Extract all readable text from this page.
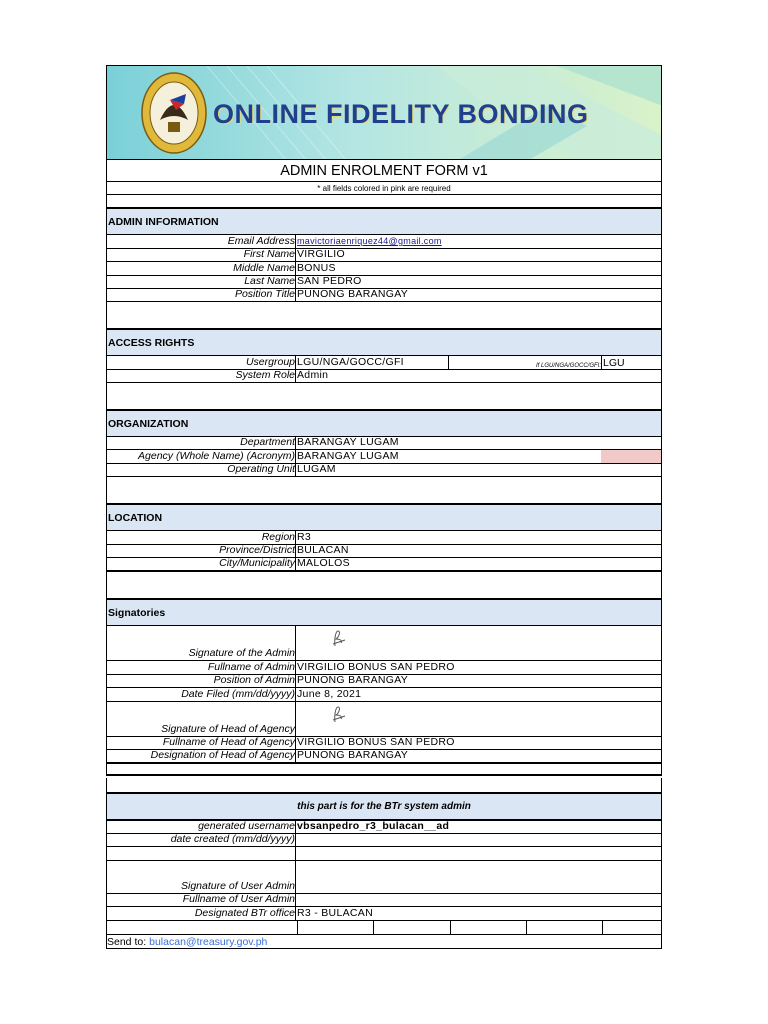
ONLINE FIDELITY BONDING
ADMIN ENROLMENT FORM v1
* all fields colored in pink are required
ADMIN INFORMATION
Email Address mavictoriaenriquez44@gmail.com
First Name VIRGILIO
Middle Name BONUS
Last Name SAN PEDRO
Position Title PUNONG BARANGAY
ACCESS RIGHTS
Usergroup LGU/NGA/GOCC/GFI	If LGU/NGA/GOCC/GFI: LGU
System Role Admin
ORGANIZATION
Department BARANGAY LUGAM
Agency (Whole Name) (Acronym) BARANGAY LUGAM
Operating Unit LUGAM
LOCATION
Region R3
Province/District BULACAN
City/Municipality MALOLOS
Signatories
Signature of the Admin
Fullname of Admin VIRGILIO BONUS SAN PEDRO
Position of Admin PUNONG BARANGAY
Date Filed (mm/dd/yyyy) June 8, 2021
Signature of Head of Agency
Fullname of Head of Agency VIRGILIO BONUS SAN PEDRO
Designation of Head of Agency PUNONG BARANGAY
this part is for the BTr system admin
generated username vbsanpedro_r3_bulacan__ad
date created (mm/dd/yyyy)
Signature of User Admin
Fullname of User Admin
Designated BTr office R3 - BULACAN
Send to: bulacan@treasury.gov.ph
